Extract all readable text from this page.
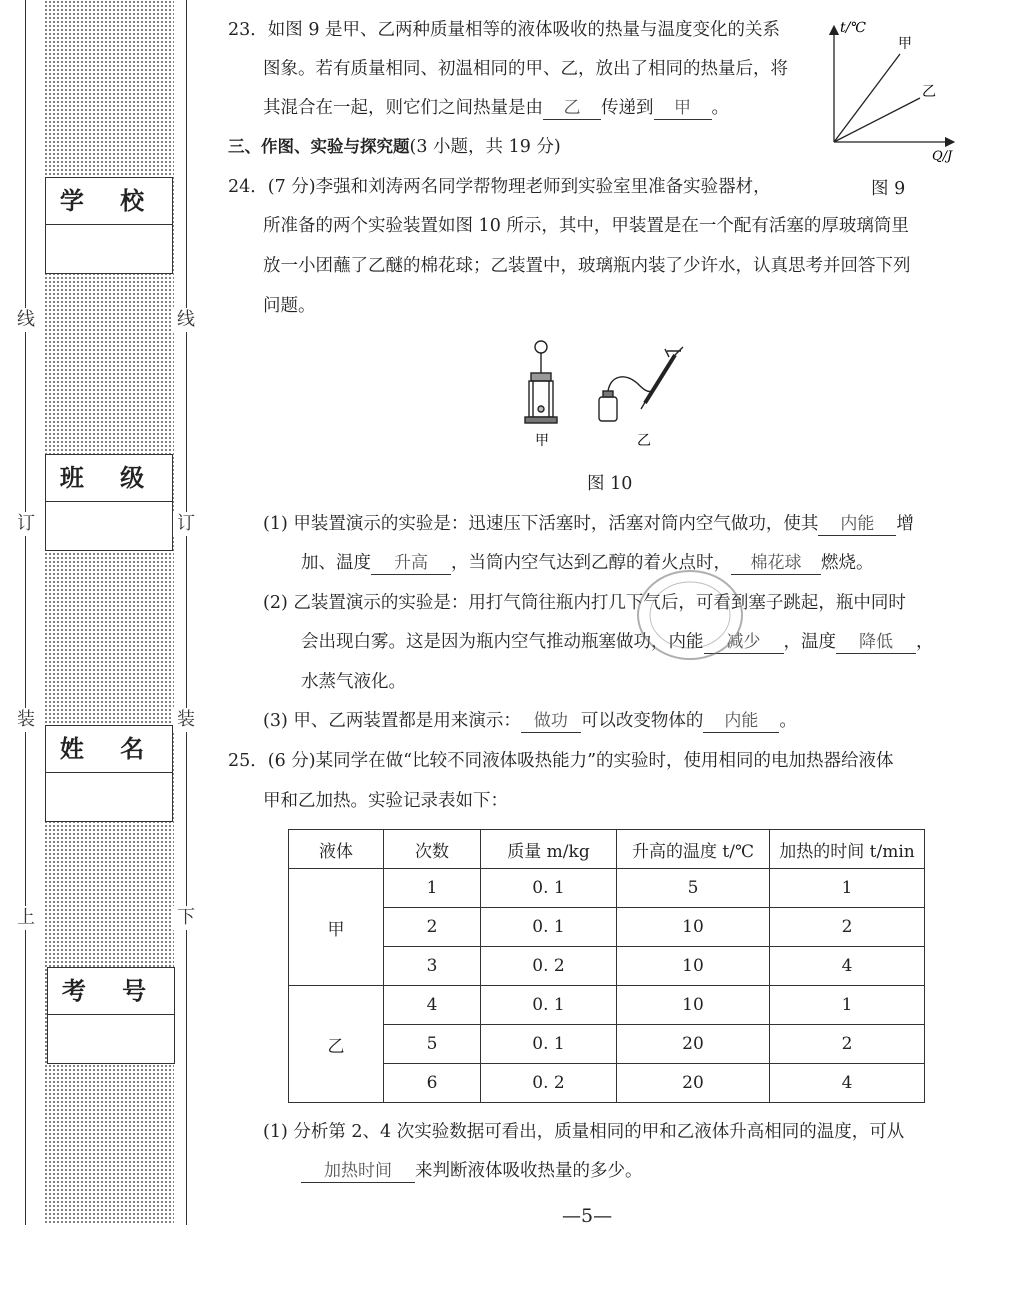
线	线
订	订
装	装
上	下
学 校
班 级
姓 名
考 号
23．如图 9 是甲、乙两种质量相等的液体吸收的热量与温度变化的关系
图象。若有质量相同、初温相同的甲、乙，放出了相同的热量后，将
其混合在一起，则它们之间热量是由 乙 传递到 甲 。
t/℃
Q/J
甲
乙
图 9
三、作图、实验与探究题(3 小题，共 19 分)
24．(7 分)李强和刘涛两名同学帮物理老师到实验室里准备实验器材，
所准备的两个实验装置如图 10 所示，其中，甲装置是在一个配有活塞的厚玻璃筒里
放一小团蘸了乙醚的棉花球；乙装置中，玻璃瓶内装了少许水，认真思考并回答下列
问题。
甲	乙
图 10
(1) 甲装置演示的实验是：迅速压下活塞时，活塞对筒内空气做功，使其 内能 增
加、温度 升高 ，当筒内空气达到乙醇的着火点时， 棉花球 燃烧。
(2) 乙装置演示的实验是：用打气筒往瓶内打几下气后，可看到塞子跳起，瓶中同时
会出现白雾。这是因为瓶内空气推动瓶塞做功，内能 减少 ，温度 降低 ，
水蒸气液化。
(3) 甲、乙两装置都是用来演示： 做功 可以改变物体的 内能 。
25．(6 分)某同学在做“比较不同液体吸热能力”的实验时，使用相同的电加热器给液体
甲和乙加热。实验记录表如下：
液体	次数	质量 m/kg	升高的温度 t/℃	加热的时间 t/min
甲	1	0. 1	5	1
	2	0. 1	10	2
	3	0. 2	10	4
乙	4	0. 1	10	1
	5	0. 1	20	2
	6	0. 2	20	4
(1) 分析第 2、4 次实验数据可看出，质量相同的甲和乙液体升高相同的温度，可从
加热时间 来判断液体吸收热量的多少。
—5—
